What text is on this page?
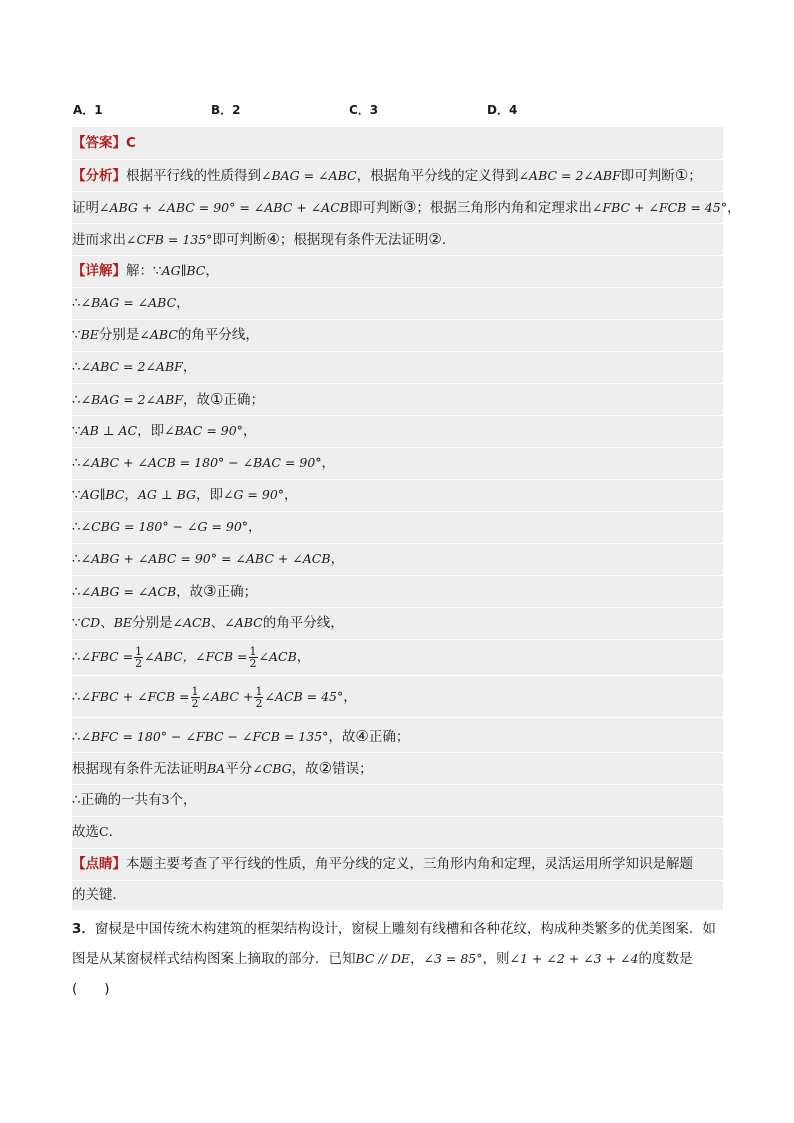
A．1	B．2	C．3	D．4
【答案】C
【分析】根据平行线的性质得到∠BAG = ∠ABC，根据角平分线的定义得到∠ABC = 2∠ABF即可判断①；
证明∠ABG + ∠ABC = 90° = ∠ABC + ∠ACB即可判断③；根据三角形内角和定理求出∠FBC + ∠FCB = 45°，
进而求出∠CFB = 135°即可判断④；根据现有条件无法证明②．
【详解】解：∵AG∥BC，
∴∠BAG = ∠ABC，
∵BE分别是∠ABC的角平分线，
∴∠ABC = 2∠ABF，
∴∠BAG = 2∠ABF，故①正确；
∵AB ⊥ AC，即∠BAC = 90°，
∴∠ABC + ∠ACB = 180° − ∠BAC = 90°，
∵AG∥BC，AG ⊥ BG，即∠G = 90°，
∴∠CBG = 180° − ∠G = 90°，
∴∠ABG + ∠ABC = 90° = ∠ABC + ∠ACB，
∴∠ABG = ∠ACB，故③正确；
∵CD、BE分别是∠ACB、∠ABC的角平分线，
∴∠FBC = $\frac{1}{2}$ ∠ABC，∠FCB = $\frac{1}{2}$ ∠ACB，
∴∠FBC + ∠FCB = $\frac{1}{2}$ ∠ABC + $\frac{1}{2}$ ∠ACB = 45°，
∴∠BFC = 180° − ∠FBC − ∠FCB = 135°，故④正确；
根据现有条件无法证明BA平分∠CBG，故②错误；
∴正确的一共有3个，
故选C．
【点睛】本题主要考查了平行线的性质，角平分线的定义，三角形内角和定理，灵活运用所学知识是解题
的关键．
3．窗棂是中国传统木构建筑的框架结构设计，窗棂上雕刻有线槽和各种花纹，构成种类繁多的优美图案．如
图是从某窗棂样式结构图案上摘取的部分．已知BC // DE，∠3 = 85°，则∠1 + ∠2 + ∠3 + ∠4的度数是(　　)
